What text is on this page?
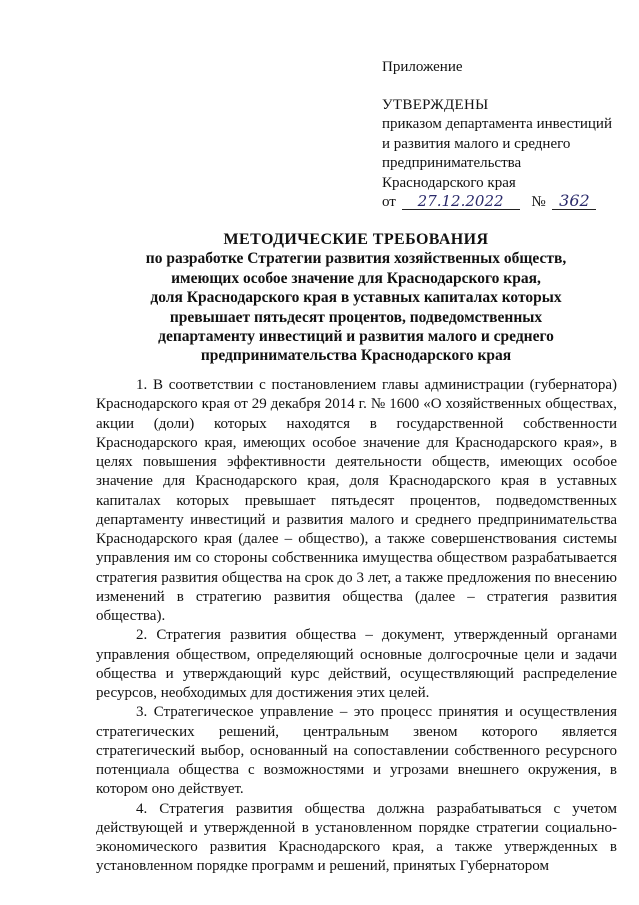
Приложение
УТВЕРЖДЕНЫ
приказом департамента инвестиций
и развития малого и среднего
предпринимательства
Краснодарского края
от 27.12.2022 № 362
МЕТОДИЧЕСКИЕ ТРЕБОВАНИЯ
по разработке Стратегии развития хозяйственных обществ,
имеющих особое значение для Краснодарского края,
доля Краснодарского края в уставных капиталах которых
превышает пятьдесят процентов, подведомственных
департаменту инвестиций и развития малого и среднего
предпринимательства Краснодарского края

1. В соответствии с постановлением главы администрации (губернатора) Краснодарского края от 29 декабря 2014 г. № 1600 «О хозяйственных обществах, акции (доли) которых находятся в государственной собственности Краснодарского края, имеющих особое значение для Краснодарского края», в целях повышения эффективности деятельности обществ, имеющих особое значение для Краснодарского края, доля Краснодарского края в уставных капиталах которых превышает пятьдесят процентов, подведомственных департаменту инвестиций и развития малого и среднего предпринимательства Краснодарского края (далее – общество), а также совершенствования системы управления им со стороны собственника имущества обществом разрабатывается стратегия развития общества на срок до 3 лет, а также предложения по внесению изменений в стратегию развития общества (далее – стратегия развития общества).

2. Стратегия развития общества – документ, утвержденный органами управления обществом, определяющий основные долгосрочные цели и задачи общества и утверждающий курс действий, осуществляющий распределение ресурсов, необходимых для достижения этих целей.

3. Стратегическое управление – это процесс принятия и осуществления стратегических решений, центральным звеном которого является стратегический выбор, основанный на сопоставлении собственного ресурсного потенциала общества с возможностями и угрозами внешнего окружения, в котором оно действует.

4. Стратегия развития общества должна разрабатываться с учетом действующей и утвержденной в установленном порядке стратегии социально-экономического развития Краснодарского края, а также утвержденных в установленном порядке программ и решений, принятых Губернатором
